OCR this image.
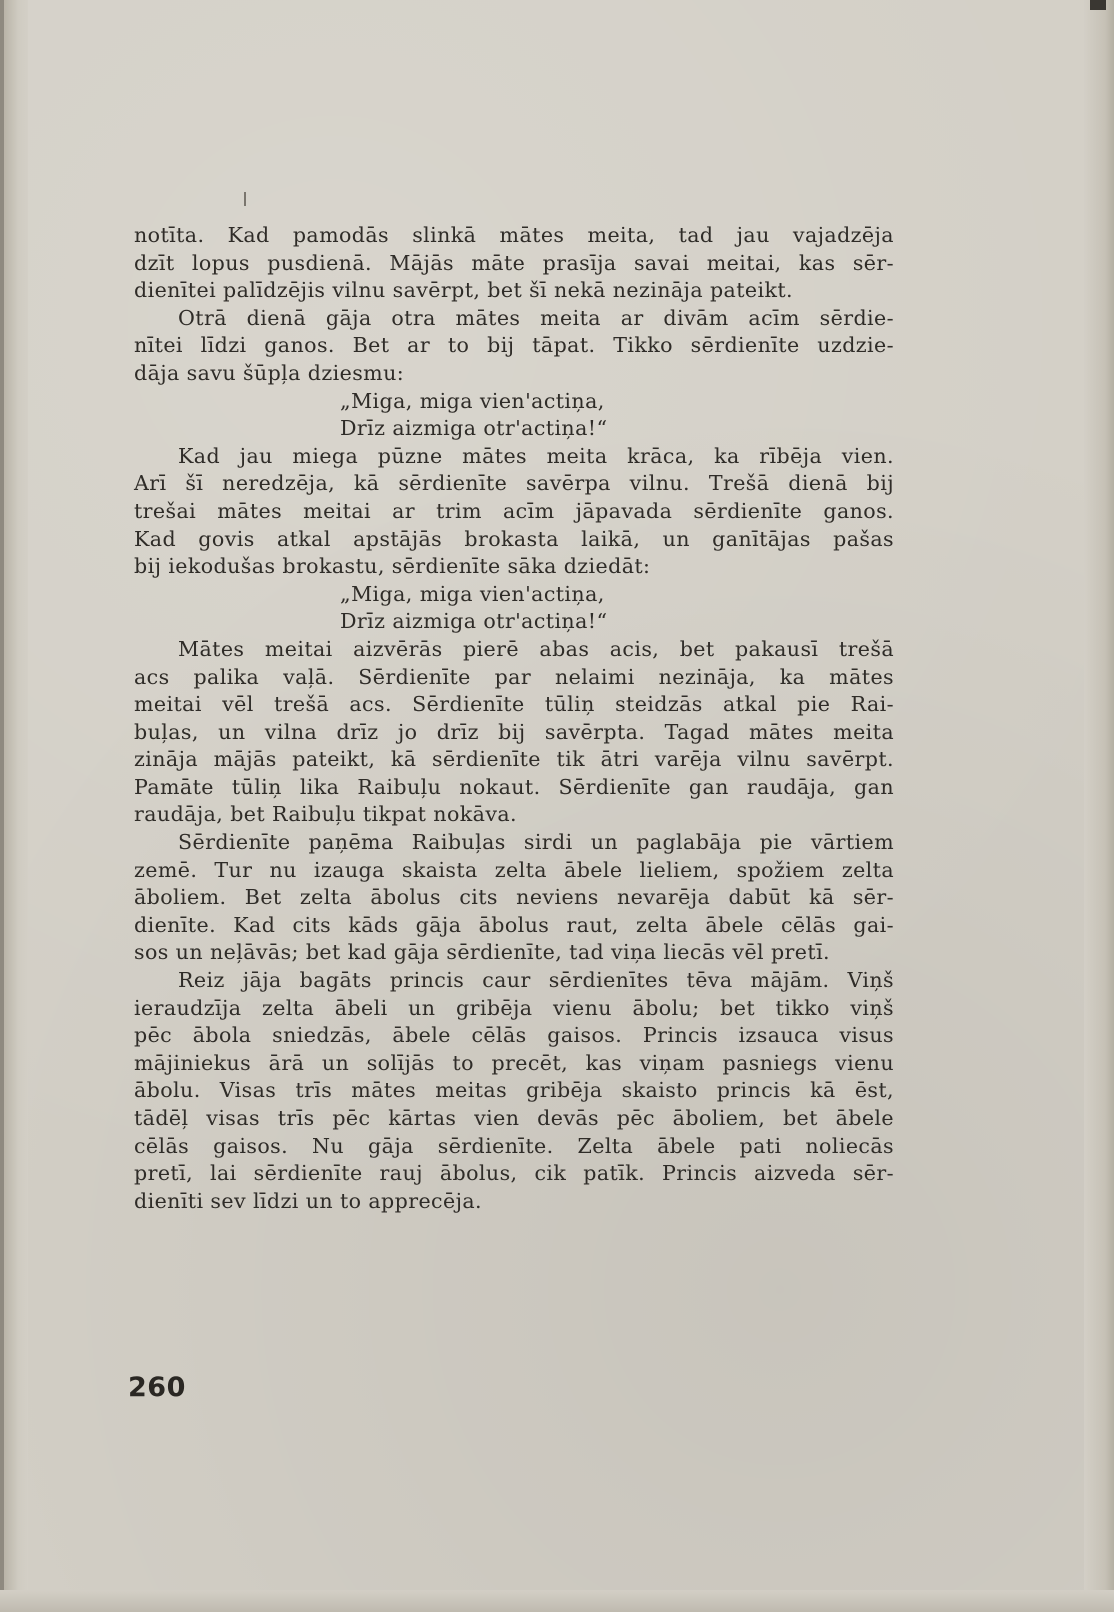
notīta. Kad pamodās slinkā mātes meita, tad jau vajadzēja
dzīt lopus pusdienā. Mājās māte prasīja savai meitai, kas sēr-
dienītei palīdzējis vilnu savērpt, bet šī nekā nezināja pateikt.
Otrā dienā gāja otra mātes meita ar divām acīm sērdie-
nītei līdzi ganos. Bet ar to bij tāpat. Tikko sērdienīte uzdzie-
dāja savu šūpļa dziesmu:
„Miga, miga vien'actiņa,
Drīz aizmiga otr'actiņa!“
Kad jau miega pūzne mātes meita krāca, ka rībēja vien.
Arī šī neredzēja, kā sērdienīte savērpa vilnu. Trešā dienā bij
trešai mātes meitai ar trim acīm jāpavada sērdienīte ganos.
Kad govis atkal apstājās brokasta laikā, un ganītājas pašas
bij iekodušas brokastu, sērdienīte sāka dziedāt:
„Miga, miga vien'actiņa,
Drīz aizmiga otr'actiņa!“
Mātes meitai aizvērās pierē abas acis, bet pakausī trešā
acs palika vaļā. Sērdienīte par nelaimi nezināja, ka mātes
meitai vēl trešā acs. Sērdienīte tūliņ steidzās atkal pie Rai-
buļas, un vilna drīz jo drīz bij savērpta. Tagad mātes meita
zināja mājās pateikt, kā sērdienīte tik ātri varēja vilnu savērpt.
Pamāte tūliņ lika Raibuļu nokaut. Sērdienīte gan raudāja, gan
raudāja, bet Raibuļu tikpat nokāva.
Sērdienīte paņēma Raibuļas sirdi un paglabāja pie vārtiem
zemē. Tur nu izauga skaista zelta ābele lieliem, spožiem zelta
āboliem. Bet zelta ābolus cits neviens nevarēja dabūt kā sēr-
dienīte. Kad cits kāds gāja ābolus raut, zelta ābele cēlās gai-
sos un neļāvās; bet kad gāja sērdienīte, tad viņa liecās vēl pretī.
Reiz jāja bagāts princis caur sērdienītes tēva mājām. Viņš
ieraudzīja zelta ābeli un gribēja vienu ābolu; bet tikko viņš
pēc ābola sniedzās, ābele cēlās gaisos. Princis izsauca visus
mājiniekus ārā un solījās to precēt, kas viņam pasniegs vienu
ābolu. Visas trīs mātes meitas gribēja skaisto princis kā ēst,
tādēļ visas trīs pēc kārtas vien devās pēc āboliem, bet ābele
cēlās gaisos. Nu gāja sērdienīte. Zelta ābele pati noliecās
pretī, lai sērdienīte rauj ābolus, cik patīk. Princis aizveda sēr-
dienīti sev līdzi un to apprecēja.
260
